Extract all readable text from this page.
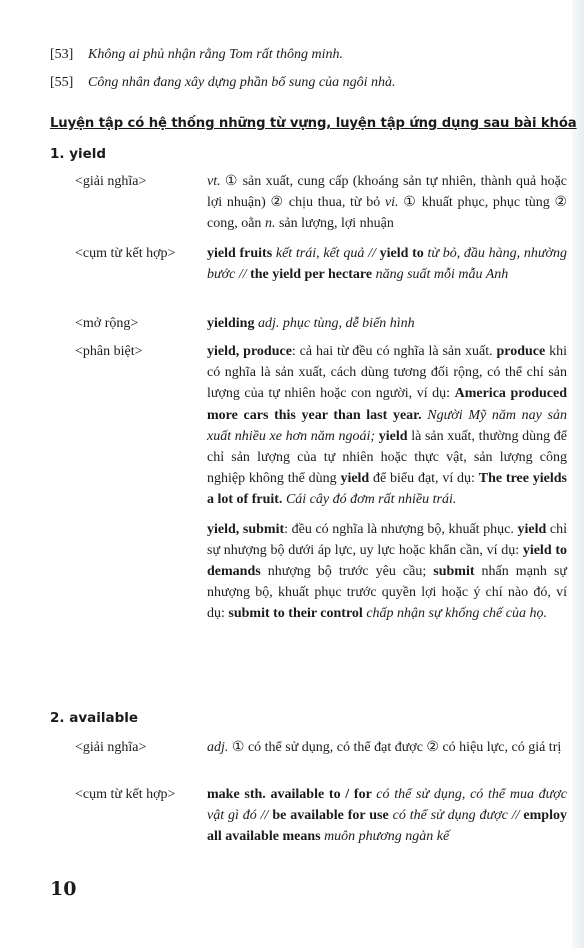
[53] Không ai phủ nhận rằng Tom rất thông minh.
[55] Công nhân đang xây dựng phần bổ sung của ngôi nhà.
Luyện tập có hệ thống những từ vựng, luyện tập ứng dụng sau bài khóa
1. yield
<giải nghĩa>	vt. ① sản xuất, cung cấp (khoáng sản tự nhiên, thành quả hoặc lợi nhuận) ② chịu thua, từ bỏ vi. ① khuất phục, phục tùng ② cong, oằn n. sản lượng, lợi nhuận
<cụm từ kết hợp> yield fruits kết trái, kết quả // yield to từ bỏ, đầu hàng, nhường bước // the yield per hectare năng suất mỗi mẫu Anh
<mở rộng>	yielding adj. phục tùng, dễ biến hình
<phân biệt>	yield, produce: cả hai từ đều có nghĩa là sản xuất. produce khi có nghĩa là sản xuất, cách dùng tương đối rộng, có thể chỉ sản lượng của tự nhiên hoặc con người, ví dụ: America produced more cars this year than last year. Người Mỹ năm nay sản xuất nhiều xe hơn năm ngoái; yield là sản xuất, thường dùng để chỉ sản lượng của tự nhiên hoặc thực vật, sản lượng công nghiệp không thể dùng yield để biểu đạt, ví dụ: The tree yields a lot of fruit. Cái cây đó đơm rất nhiều trái.

yield, submit: đều có nghĩa là nhượng bộ, khuất phục. yield chỉ sự nhượng bộ dưới áp lực, uy lực hoặc khẩn cần, ví dụ: yield to demands nhượng bộ trước yêu cầu; submit nhấn mạnh sự nhượng bộ, khuất phục trước quyền lợi hoặc ý chí nào đó, ví dụ: submit to their control chấp nhận sự khống chế của họ.

2. available
<giải nghĩa>	adj. ① có thể sử dụng, có thể đạt được ② có hiệu lực, có giá trị
<cụm từ kết hợp> make sth. available to / for có thể sử dụng, có thể mua được vật gì đó // be available for use có thể sử dụng được // employ all available means muôn phương ngàn kế
10
